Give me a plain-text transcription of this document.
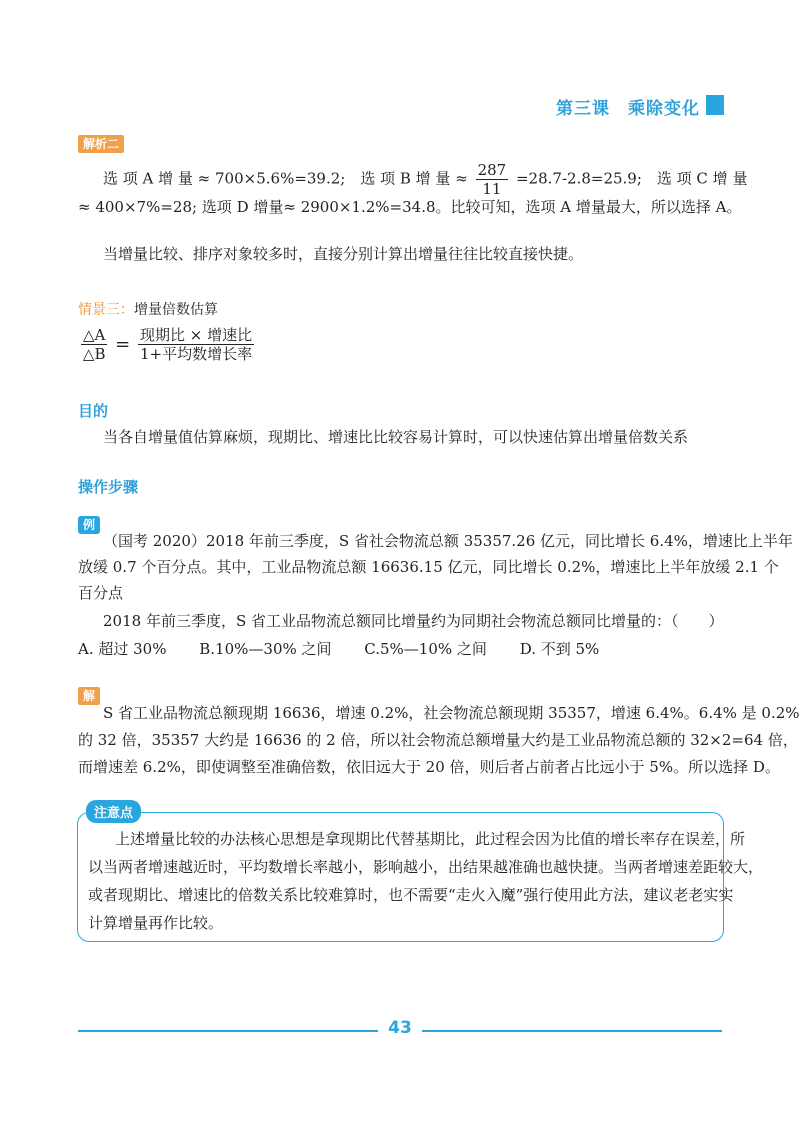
第三课　乘除变化
解析二
选 项 A 增 量 ≈ 700×5.6%=39.2;　选 项 B 增 量 ≈ $\frac{287}{11} =28.7-2.8=25.9$;　选 项 C 增 量
≈ 400×7%=28; 选项 D 增量≈ 2900×1.2%=34.8。比较可知，选项 A 增量最大，所以选择 A。
当增量比较、排序对象较多时，直接分别计算出增量往往比较直接快捷。
情景三：增量倍数估算
$\frac{\triangle A}{\triangle B} = \frac{\text{现期比 × 增速比}}{\text{1+平均数增长率}}$
目的
当各自增量值估算麻烦，现期比、增速比比较容易计算时，可以快速估算出增量倍数关系
操作步骤
例
（国考 2020）2018 年前三季度，S 省社会物流总额 35357.26 亿元，同比增长 6.4%，增速比上半年
放缓 0.7 个百分点。其中，工业品物流总额 16636.15 亿元，同比增长 0.2%，增速比上半年放缓 2.1 个
百分点
2018 年前三季度，S 省工业品物流总额同比增量约为同期社会物流总额同比增量的：（　　）
A. 超过 30% B.10%—30% 之间 C.5%—10% 之间 D. 不到 5%
解
S 省工业品物流总额现期 16636，增速 0.2%，社会物流总额现期 35357，增速 6.4%。6.4% 是 0.2%
的 32 倍，35357 大约是 16636 的 2 倍，所以社会物流总额增量大约是工业品物流总额的 32×2=64 倍，
而增速差 6.2%，即使调整至准确倍数，依旧远大于 20 倍，则后者占前者占比远小于 5%。所以选择 D。
注意点
上述增量比较的办法核心思想是拿现期比代替基期比，此过程会因为比值的增长率存在误差，所
以当两者增速越近时，平均数增长率越小，影响越小，出结果越准确也越快捷。当两者增速差距较大，
或者现期比、增速比的倍数关系比较难算时，也不需要“走火入魔”强行使用此方法，建议老老实实
计算增量再作比较。
43
